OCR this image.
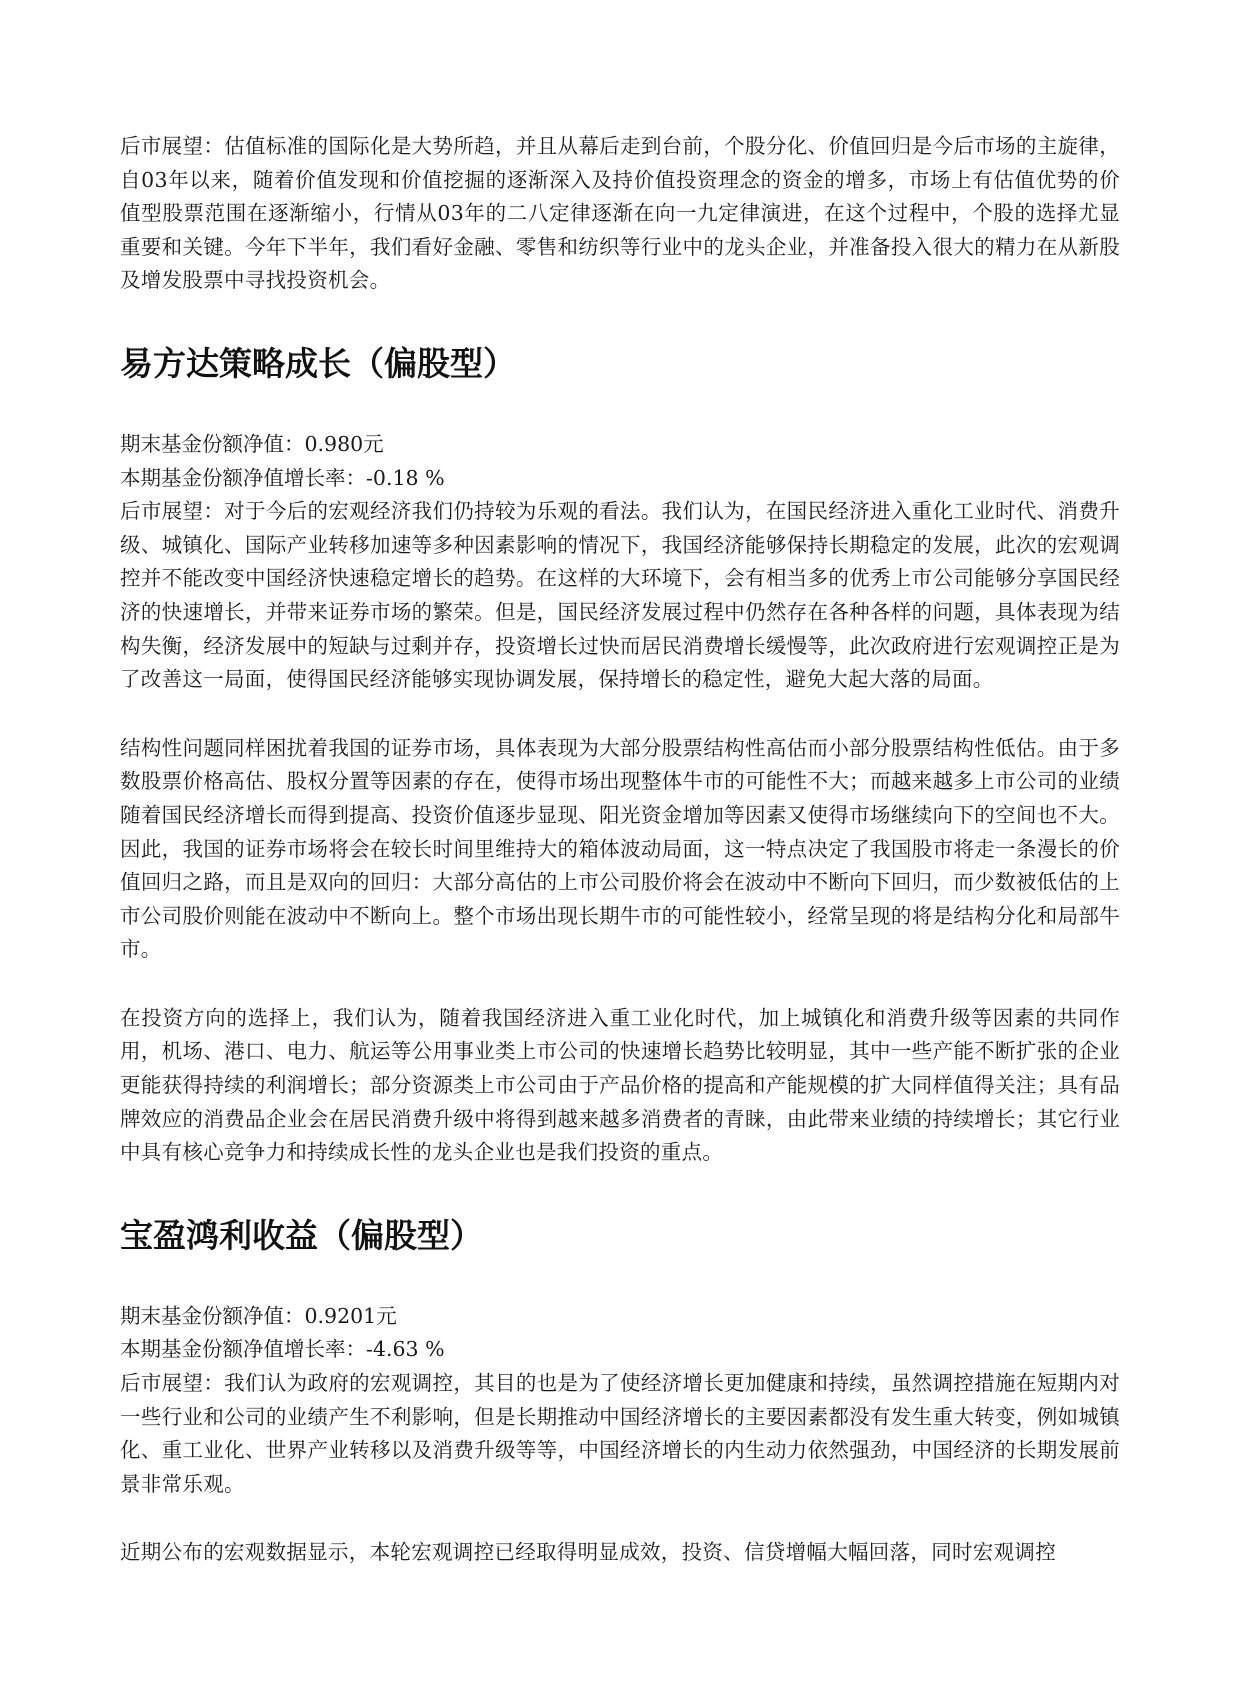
后市展望：估值标准的国际化是大势所趋，并且从幕后走到台前，个股分化、价值回归是今后市场的主旋律，自03年以来，随着价值发现和价值挖掘的逐渐深入及持价值投资理念的资金的增多，市场上有估值优势的价值型股票范围在逐渐缩小，行情从03年的二八定律逐渐在向一九定律演进，在这个过程中，个股的选择尤显重要和关键。今年下半年，我们看好金融、零售和纺织等行业中的龙头企业，并准备投入很大的精力在从新股及增发股票中寻找投资机会。

易方达策略成长（偏股型）

期末基金份额净值：0.980元

本期基金份额净值增长率：-0.18 %

后市展望：对于今后的宏观经济我们仍持较为乐观的看法。我们认为，在国民经济进入重化工业时代、消费升级、城镇化、国际产业转移加速等多种因素影响的情况下，我国经济能够保持长期稳定的发展，此次的宏观调控并不能改变中国经济快速稳定增长的趋势。在这样的大环境下，会有相当多的优秀上市公司能够分享国民经济的快速增长，并带来证券市场的繁荣。但是，国民经济发展过程中仍然存在各种各样的问题，具体表现为结构失衡，经济发展中的短缺与过剩并存，投资增长过快而居民消费增长缓慢等，此次政府进行宏观调控正是为了改善这一局面，使得国民经济能够实现协调发展，保持增长的稳定性，避免大起大落的局面。

结构性问题同样困扰着我国的证券市场，具体表现为大部分股票结构性高估而小部分股票结构性低估。由于多数股票价格高估、股权分置等因素的存在，使得市场出现整体牛市的可能性不大；而越来越多上市公司的业绩随着国民经济增长而得到提高、投资价值逐步显现、阳光资金增加等因素又使得市场继续向下的空间也不大。因此，我国的证券市场将会在较长时间里维持大的箱体波动局面，这一特点决定了我国股市将走一条漫长的价值回归之路，而且是双向的回归：大部分高估的上市公司股价将会在波动中不断向下回归，而少数被低估的上市公司股价则能在波动中不断向上。整个市场出现长期牛市的可能性较小，经常呈现的将是结构分化和局部牛市。

在投资方向的选择上，我们认为，随着我国经济进入重工业化时代，加上城镇化和消费升级等因素的共同作用，机场、港口、电力、航运等公用事业类上市公司的快速增长趋势比较明显，其中一些产能不断扩张的企业更能获得持续的利润增长；部分资源类上市公司由于产品价格的提高和产能规模的扩大同样值得关注；具有品牌效应的消费品企业会在居民消费升级中将得到越来越多消费者的青睐，由此带来业绩的持续增长；其它行业中具有核心竞争力和持续成长性的龙头企业也是我们投资的重点。

宝盈鸿利收益（偏股型）

期末基金份额净值：0.9201元

本期基金份额净值增长率：-4.63 %

后市展望：我们认为政府的宏观调控，其目的也是为了使经济增长更加健康和持续，虽然调控措施在短期内对一些行业和公司的业绩产生不利影响，但是长期推动中国经济增长的主要因素都没有发生重大转变，例如城镇化、重工业化、世界产业转移以及消费升级等等，中国经济增长的内生动力依然强劲，中国经济的长期发展前景非常乐观。

近期公布的宏观数据显示，本轮宏观调控已经取得明显成效，投资、信贷增幅大幅回落，同时宏观调控
